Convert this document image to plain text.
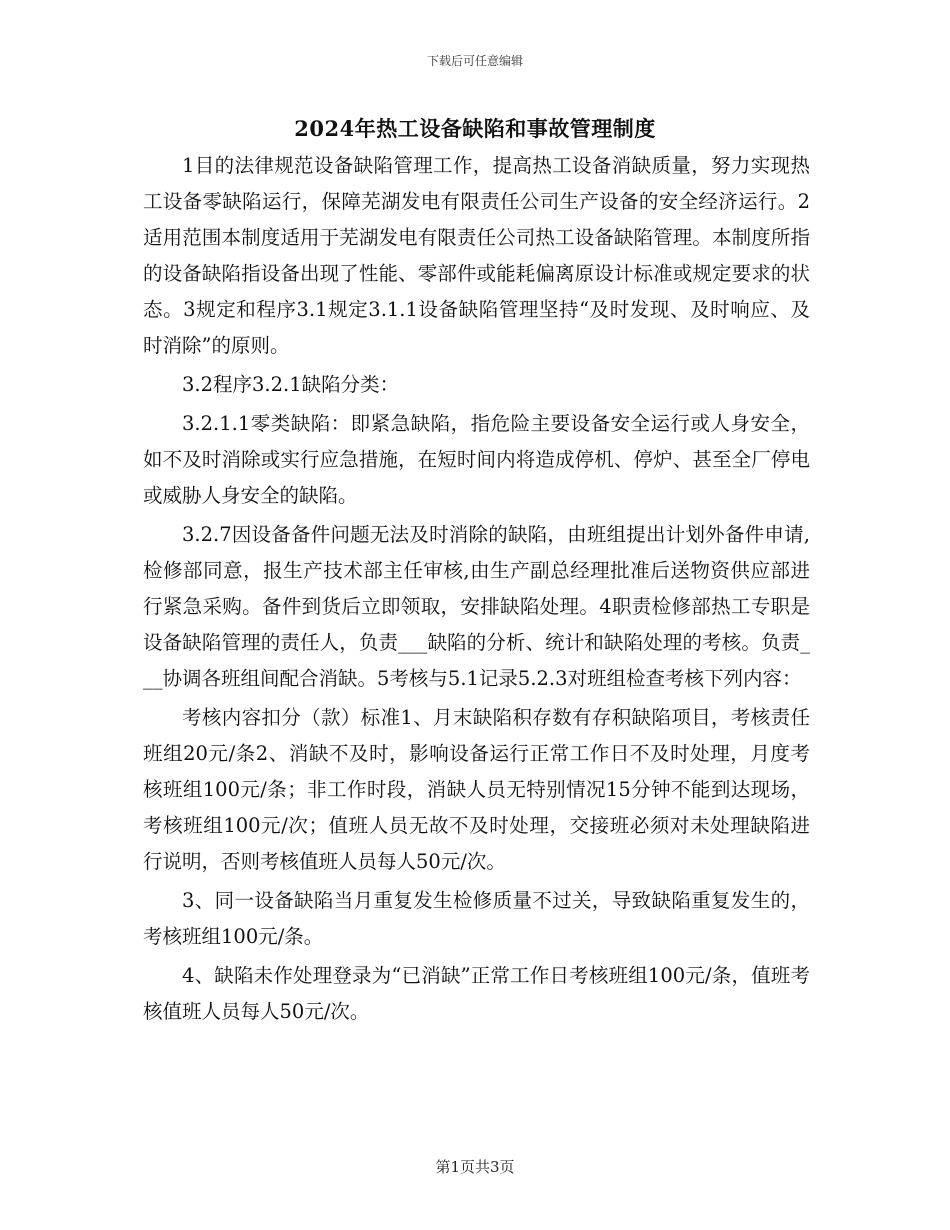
下载后可任意编辑
2024年热工设备缺陷和事故管理制度

1目的法律规范设备缺陷管理工作，提高热工设备消缺质量，努力实现热工设备零缺陷运行，保障芜湖发电有限责任公司生产设备的安全经济运行。2适用范围本制度适用于芜湖发电有限责任公司热工设备缺陷管理。本制度所指的设备缺陷指设备出现了性能、零部件或能耗偏离原设计标准或规定要求的状态。3规定和程序3.1规定3.1.1设备缺陷管理坚持“及时发现、及时响应、及时消除”的原则。

3.2程序3.2.1缺陷分类：

3.2.1.1零类缺陷：即紧急缺陷，指危险主要设备安全运行或人身安全，如不及时消除或实行应急措施，在短时间内将造成停机、停炉、甚至全厂停电或威胁人身安全的缺陷。

3.2.7因设备备件问题无法及时消除的缺陷，由班组提出计划外备件申请,检修部同意，报生产技术部主任审核,由生产副总经理批准后送物资供应部进行紧急采购。备件到货后立即领取，安排缺陷处理。4职责检修部热工专职是设备缺陷管理的责任人，负责___缺陷的分析、统计和缺陷处理的考核。负责___协调各班组间配合消缺。5考核与5.1记录5.2.3对班组检查考核下列内容：

考核内容扣分（款）标准1、月末缺陷积存数有存积缺陷项目，考核责任班组20元/条2、消缺不及时，影响设备运行正常工作日不及时处理，月度考核班组100元/条；非工作时段，消缺人员无特别情况15分钟不能到达现场，考核班组100元/次；值班人员无故不及时处理，交接班必须对未处理缺陷进行说明，否则考核值班人员每人50元/次。

3、同一设备缺陷当月重复发生检修质量不过关，导致缺陷重复发生的，考核班组100元/条。

4、缺陷未作处理登录为“已消缺”正常工作日考核班组100元/条，值班考核值班人员每人50元/次。

第1页共3页
